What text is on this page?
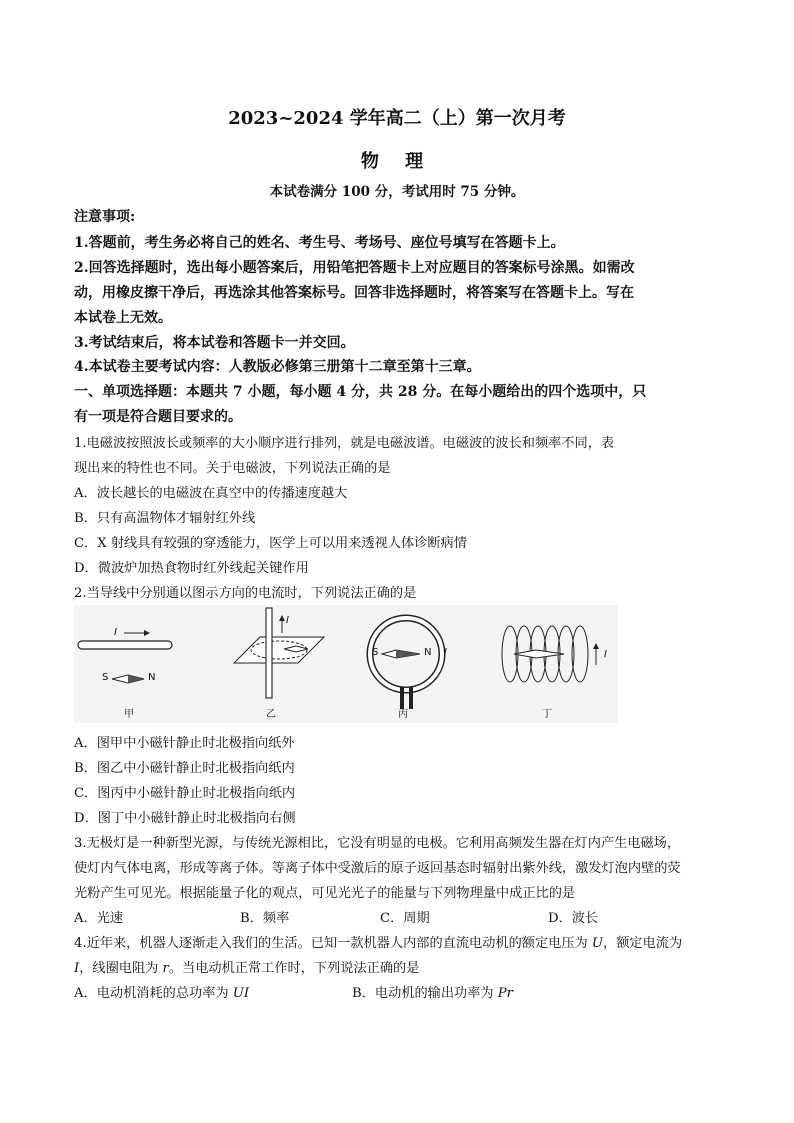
2023~2024 学年高二（上）第一次月考
物 理
本试卷满分 100 分，考试用时 75 分钟。
注意事项:
1.答题前，考生务必将自己的姓名、考生号、考场号、座位号填写在答题卡上。
2.回答选择题时，选出每小题答案后，用铅笔把答题卡上对应题目的答案标号涂黑。如需改
动，用橡皮擦干净后，再选涂其他答案标号。回答非选择题时，将答案写在答题卡上。写在
本试卷上无效。
3.考试结束后，将本试卷和答题卡一并交回。
4.本试卷主要考试内容：人教版必修第三册第十二章至第十三章。
一、单项选择题：本题共 7 小题，每小题 4 分，共 28 分。在每小题给出的四个选项中，只
有一项是符合题目要求的。
1.电磁波按照波长或频率的大小顺序进行排列，就是电磁波谱。电磁波的波长和频率不同，表
现出来的特性也不同。关于电磁波，下列说法正确的是
A．波长越长的电磁波在真空中的传播速度越大
B．只有高温物体才辐射红外线
C．X 射线具有较强的穿透能力，医学上可以用来透视人体诊断病情
D．微波炉加热食物时红外线起关键作用
2.当导线中分别通以图示方向的电流时，下列说法正确的是
I
S	N
I
S	N I	I
甲	乙	丙	丁
A．图甲中小磁针静止时北极指向纸外
B．图乙中小磁针静止时北极指向纸内
C．图丙中小磁针静止时北极指向纸内
D．图丁中小磁针静止时北极指向右侧
3.无极灯是一种新型光源，与传统光源相比，它没有明显的电极。它利用高频发生器在灯内产生电磁场，
使灯内气体电离，形成等离子体。等离子体中受激后的原子返回基态时辐射出紫外线，激发灯泡内壁的荧
光粉产生可见光。根据能量子化的观点，可见光光子的能量与下列物理量中成正比的是
A．光速	B．频率	C．周期	D．波长
4.近年来，机器人逐渐走入我们的生活。已知一款机器人内部的直流电动机的额定电压为 U，额定电流为
I，线圈电阻为 r。当电动机正常工作时，下列说法正确的是
A．电动机消耗的总功率为 UI	B．电动机的输出功率为 Pr
